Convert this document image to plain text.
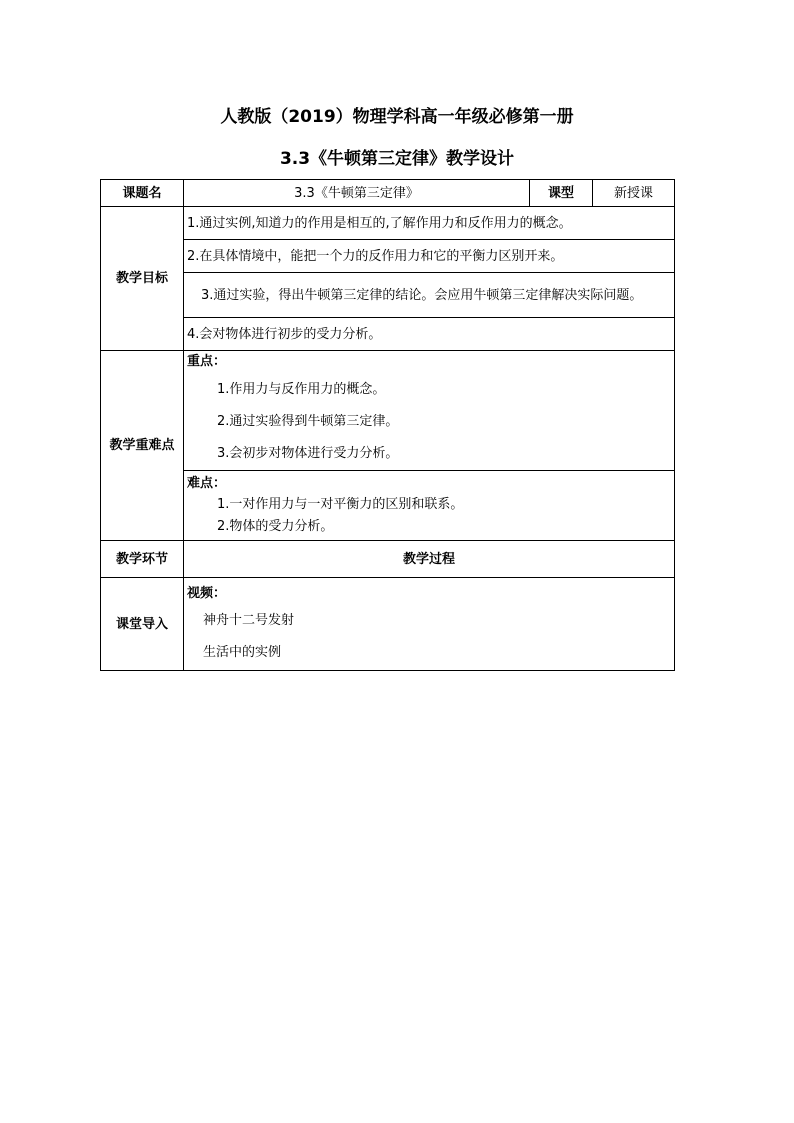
人教版（2019）物理学科高一年级必修第一册
3.3《牛顿第三定律》教学设计
课题名	3.3《牛顿第三定律》	课型	新授课
教学目标	1.通过实例,知道力的作用是相互的,了解作用力和反作用力的概念。		
	2.在具体情境中，能把一个力的反作用力和它的平衡力区别开来。		
	3.通过实验，得出牛顿第三定律的结论。会应用牛顿第三定律解决实际问题。		
	4.会对物体进行初步的受力分析。		
教学重难点	重点：
1.作用力与反作用力的概念。
2.通过实验得到牛顿第三定律。
3.会初步对物体进行受力分析。		

	难点：
1.一对作用力与一对平衡力的区别和联系。
2.物体的受力分析。		

教学环节	教学过程		
课堂导入	视频：
神舟十二号发射
生活中的实例		
